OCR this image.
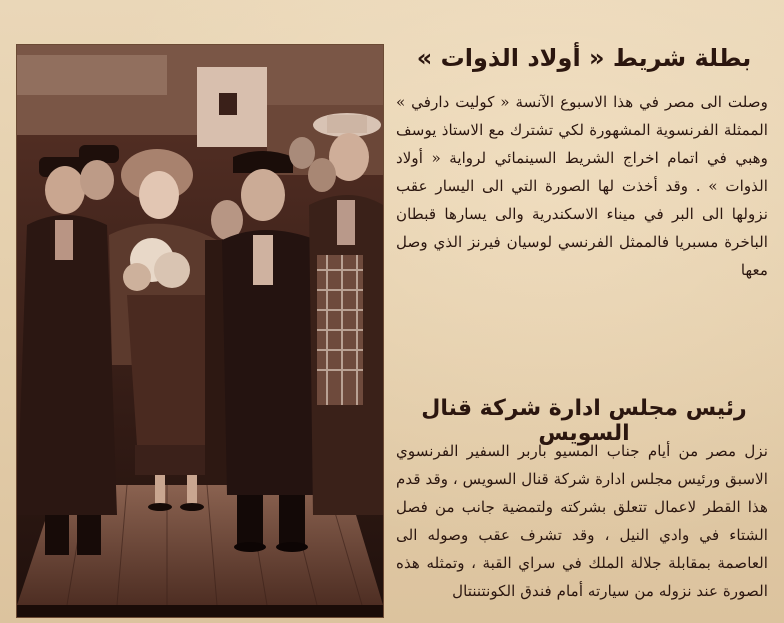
بطلة شريط « أولاد الذوات »

وصلت الى مصر في هذا الاسبوع الآنسة « كوليت دارفي » الممثلة الفرنسوية المشهورة لكي تشترك مع الاستاذ يوسف وهبي في اتمام اخراج الشريط السينمائي لرواية « أولاد الذوات » . وقد أخذت لها الصورة التي الى اليسار عقب نزولها الى البر في ميناء الاسكندرية والى يسارها قبطان الباخرة مسبريا فالممثل الفرنسي لوسيان فيرنز الذي وصل معها

رئيس مجلس ادارة شركة قنال السويس

نزل مصر من أيام جناب المسيو باربر السفير الفرنسوي الاسبق ورئيس مجلس ادارة شركة قنال السويس ، وقد قدم هذا القطر لاعمال تتعلق بشركته ولتمضية جانب من فصل الشتاء في وادي النيل ، وقد تشرف عقب وصوله الى العاصمة بمقابلة جلالة الملك في سراي القبة ، وتمثله هذه الصورة عند نزوله من سيارته أمام فندق الكونتننتال
